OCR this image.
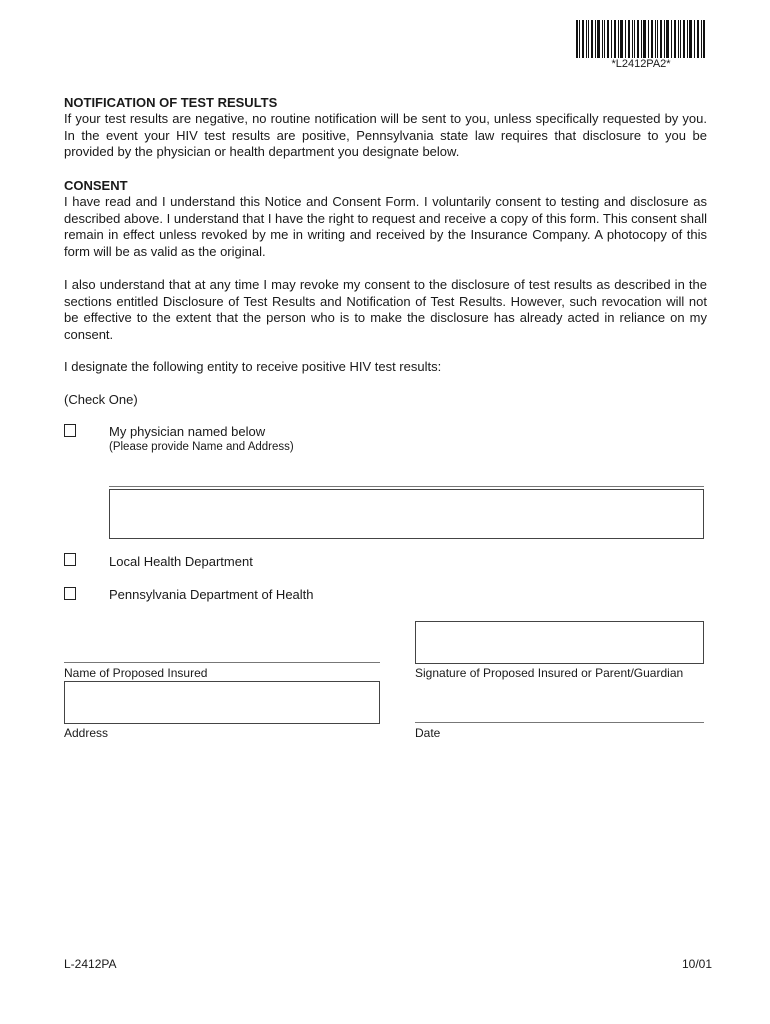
*L2412PA2*
NOTIFICATION OF TEST RESULTS

If your test results are negative, no routine notification will be sent to you, unless specifically requested by you. In the event your HIV test results are positive, Pennsylvania state law requires that disclosure to you be provided by the physician or health department you designate below.

CONSENT

I have read and I understand this Notice and Consent Form. I voluntarily consent to testing and disclosure as described above. I understand that I have the right to request and receive a copy of this form. This consent shall remain in effect unless revoked by me in writing and received by the Insurance Company. A photocopy of this form will be as valid as the original.

I also understand that at any time I may revoke my consent to the disclosure of test results as described in the sections entitled Disclosure of Test Results and Notification of Test Results. However, such revocation will not be effective to the extent that the person who is to make the disclosure has already acted in reliance on my consent.

I designate the following entity to receive positive HIV test results:
(Check One)
My physician named below
(Please provide Name and Address)
Local Health Department
Pennsylvania Department of Health
Name of Proposed Insured	Signature of Proposed Insured or Parent/Guardian
Address	Date
L-2412PA	10/01
